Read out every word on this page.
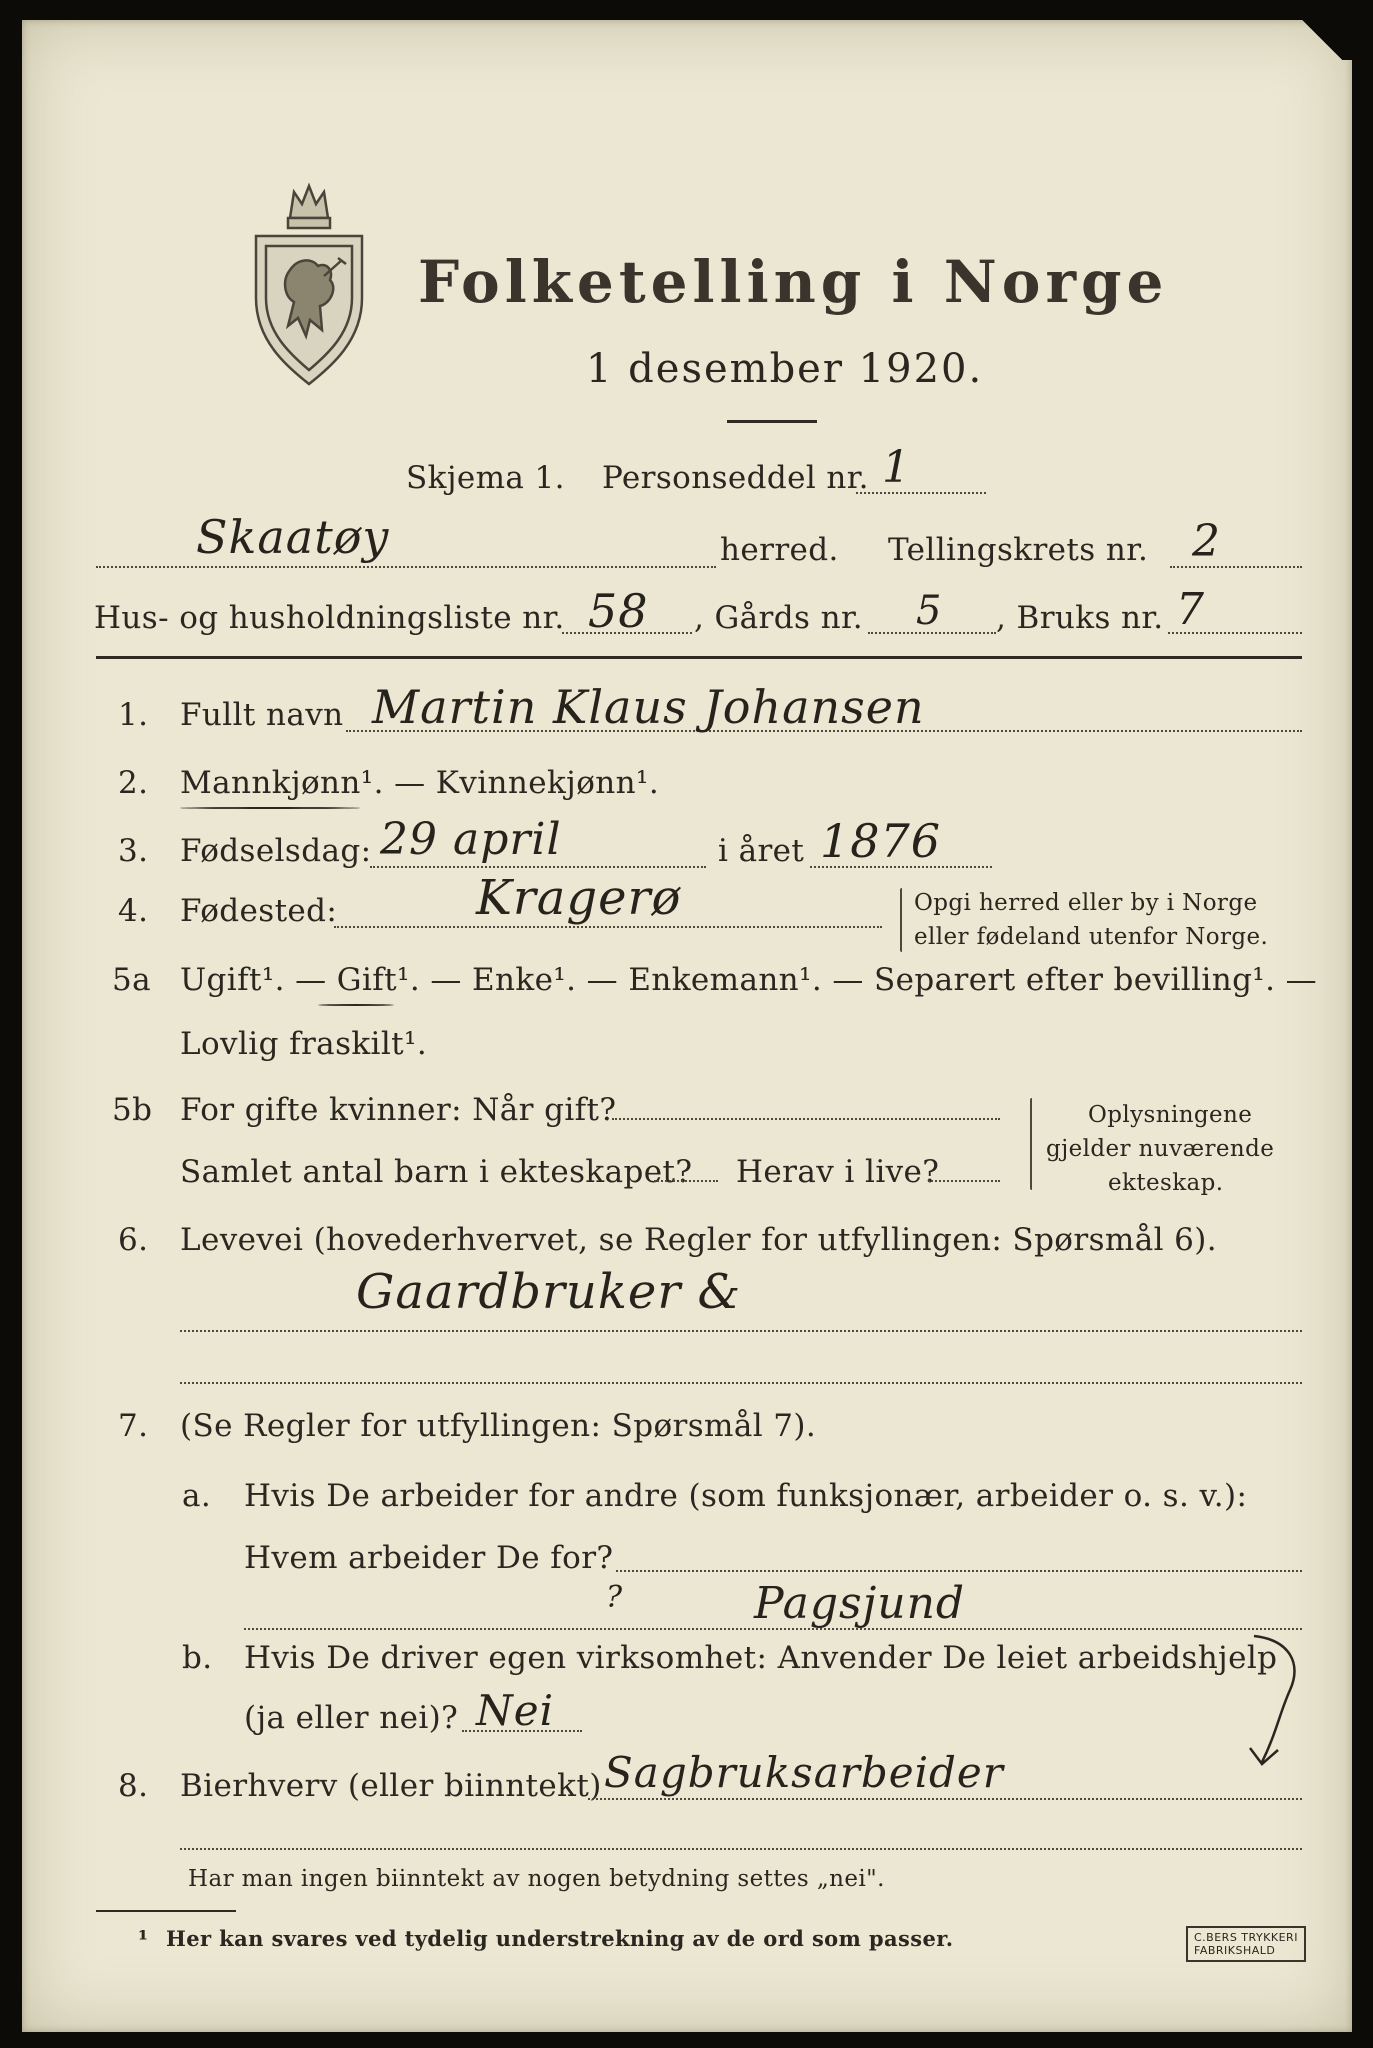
Folketelling i Norge
1 desember 1920.
Skjema 1. Personseddel nr. 1
Skaatøy	herred. Tellingskrets nr. 2
Hus- og husholdningsliste nr. 58 , Gårds nr. 5 , Bruks nr. 7
1. Fullt navn Martin Klaus Johansen
2. Mannkjønn¹. — Kvinnekjønn¹.
3. Fødselsdag: 29 april	i året 1876
4. Fødested:	Kragerø	Opgi herred eller by i Norge
eller fødeland utenfor Norge.
5a Ugift¹. — Gift¹. — Enke¹. — Enkemann¹. — Separert efter bevilling¹. —
Lovlig fraskilt¹.
5b For gifte kvinner: Når gift?
Samlet antal barn i ekteskapet? Herav i live?
Oplysningene
gjelder nuværende
ekteskap.
6. Levevei (hovederhvervet, se Regler for utfyllingen: Spørsmål 6).
Gaardbruker &
7. (Se Regler for utfyllingen: Spørsmål 7).
a. Hvis De arbeider for andre (som funksjonær, arbeider o. s. v.):
Hvem arbeider De for?
?	Pagsjund
b. Hvis De driver egen virksomhet: Anvender De leiet arbeidshjelp
(ja eller nei)? Nei
8. Bierhverv (eller biinntekt) Sagbruksarbeider
Har man ingen biinntekt av nogen betydning settes „nei".
¹ Her kan svares ved tydelig understrekning av de ord som passer.	C.BERS TRYKKERI
FABRIKSHALD
